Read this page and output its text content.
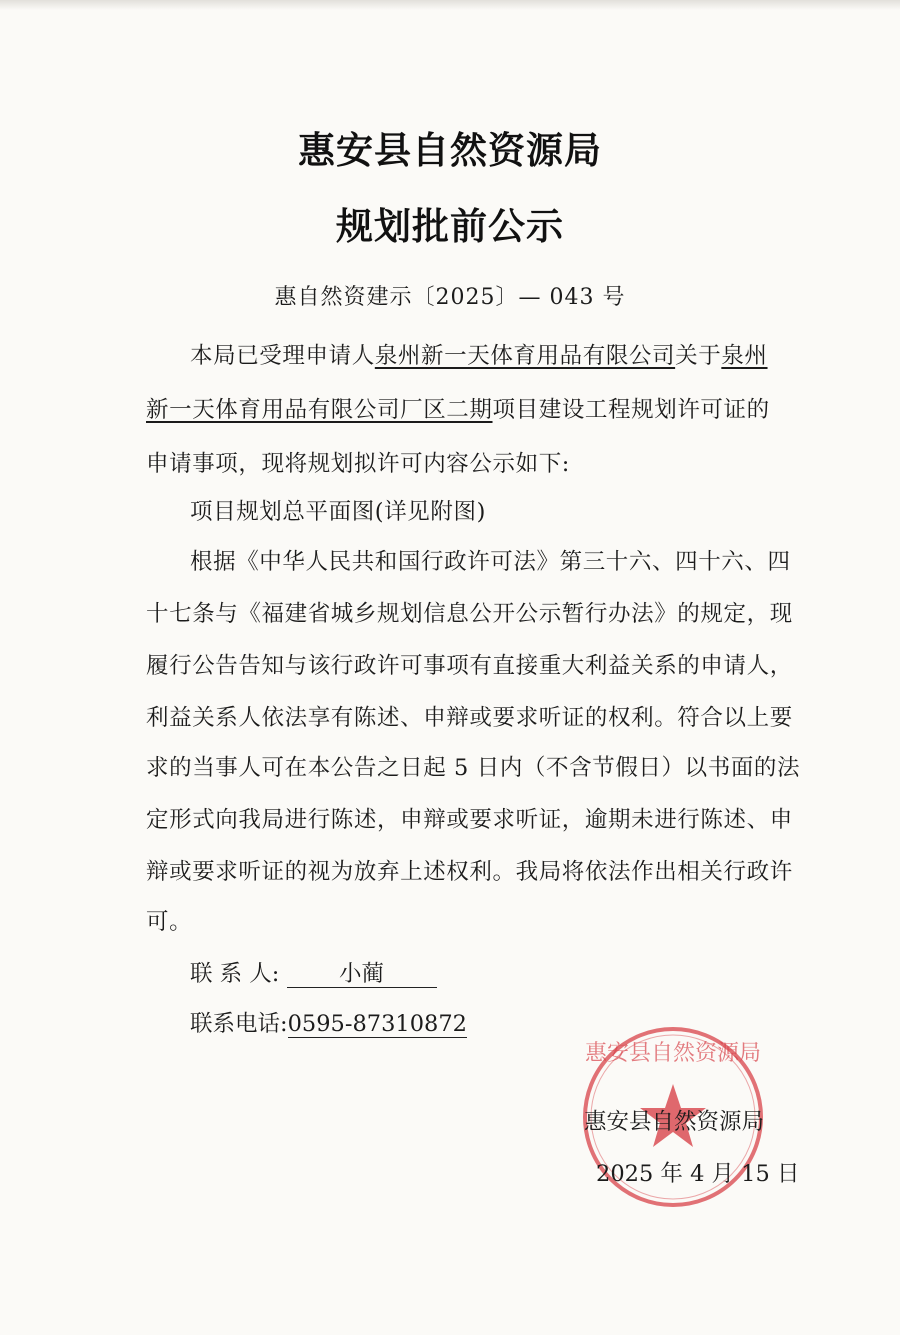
惠安县自然资源局
规划批前公示
惠自然资建示〔2025〕— 043 号
本局已受理申请人泉州新一天体育用品有限公司关于泉州
新一天体育用品有限公司厂区二期项目建设工程规划许可证的
申请事项，现将规划拟许可内容公示如下:
项目规划总平面图(详见附图)
根据《中华人民共和国行政许可法》第三十六、四十六、四
十七条与《福建省城乡规划信息公开公示暂行办法》的规定，现
履行公告告知与该行政许可事项有直接重大利益关系的申请人，
利益关系人依法享有陈述、申辩或要求听证的权利。符合以上要
求的当事人可在本公告之日起 5 日内（不含节假日）以书面的法
定形式向我局进行陈述，申辩或要求听证，逾期未进行陈述、申
辩或要求听证的视为放弃上述权利。我局将依法作出相关行政许
可。
联 系 人:	小蔺
联系电话:0595-87310872
惠安县自然资源局
惠安县自然资源局
2025 年 4 月 15 日
